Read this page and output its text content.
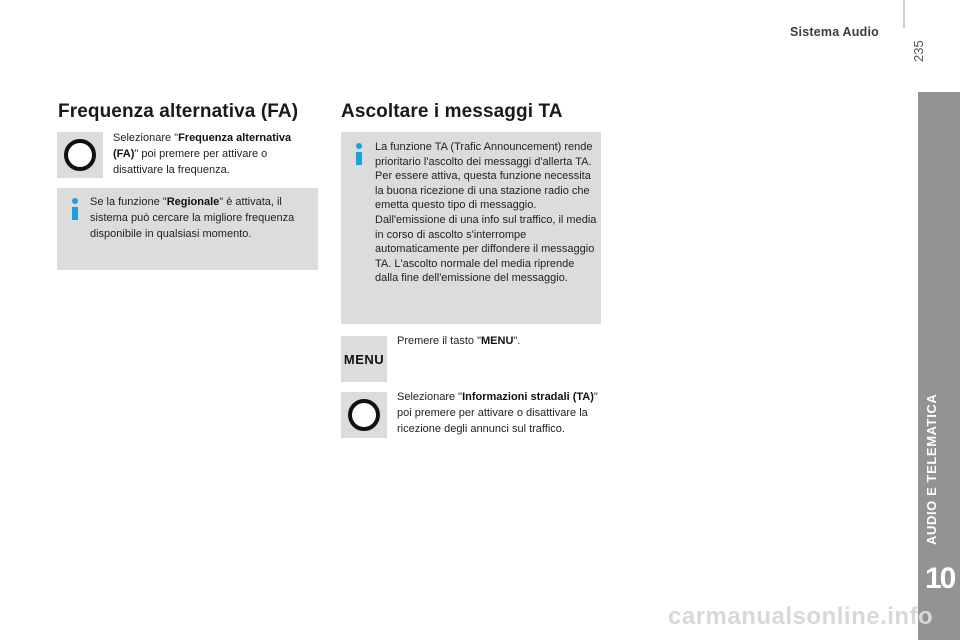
Sistema Audio
235
AUDIO E TELEMATICA
10
Frequenza alternativa (FA)
Selezionare "Frequenza alternativa (FA)" poi premere per attivare o disattivare la frequenza.
Se la funzione "Regionale" è attivata, il sistema può cercare la migliore frequenza disponibile in qualsiasi momento.
Ascoltare i messaggi TA
La funzione TA (Trafic Announcement) rende prioritario l'ascolto dei messaggi d'allerta TA. Per essere attiva, questa funzione necessita la buona ricezione di una stazione radio che emetta questo tipo di messaggio. Dall'emissione di una info sul traffico, il media in corso di ascolto s'interrompe automaticamente per diffondere il messaggio TA. L'ascolto normale del media riprende dalla fine dell'emissione del messaggio.
MENU
Premere il tasto "MENU".
Selezionare "Informazioni stradali (TA)" poi premere per attivare o disattivare la ricezione degli annunci sul traffico.
carmanualsonline.info
